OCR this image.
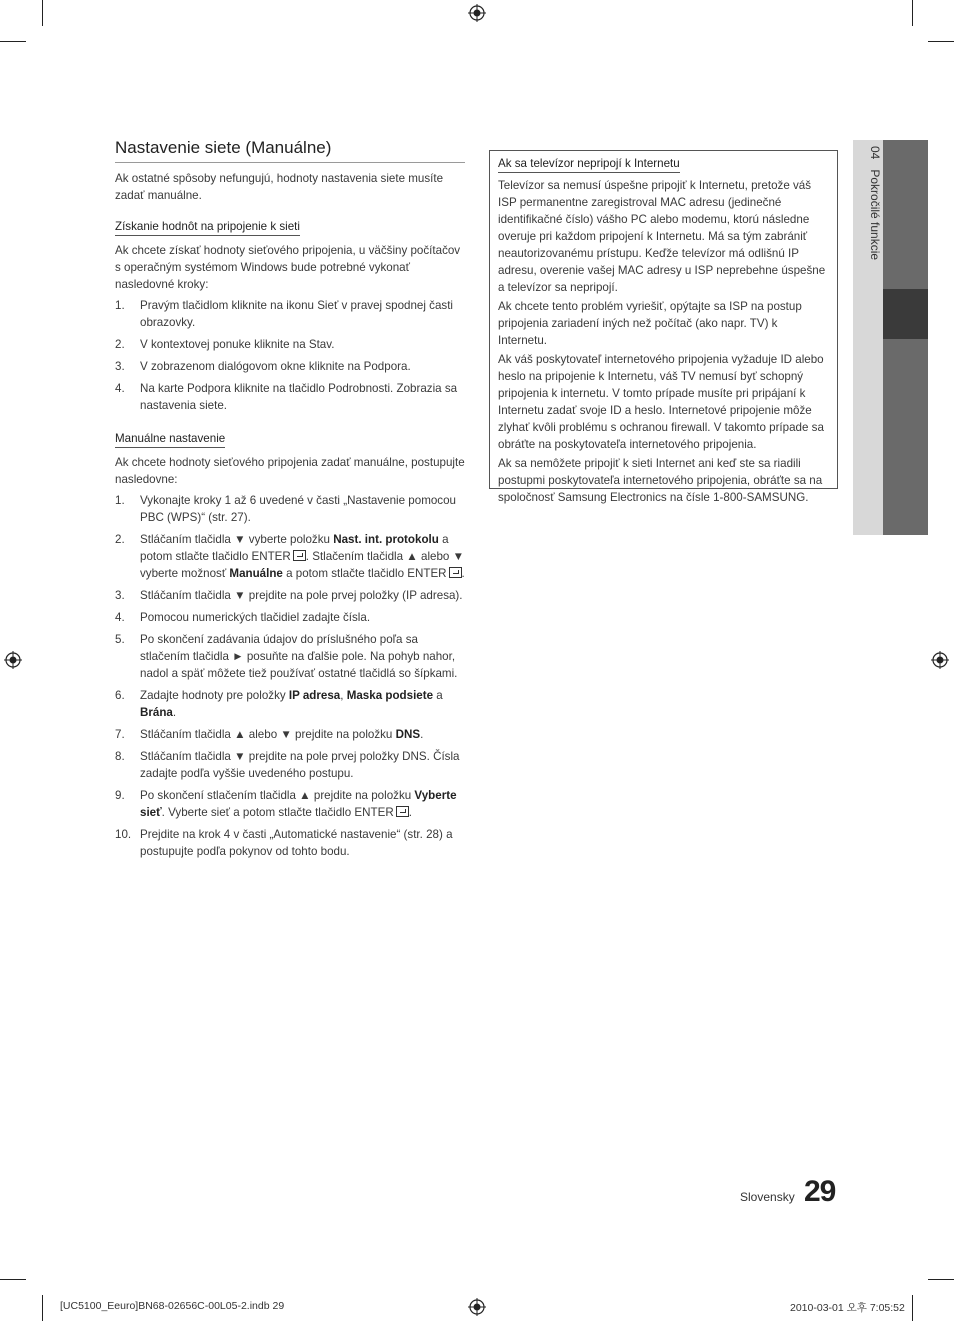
Nastavenie siete (Manuálne)

Ak ostatné spôsoby nefungujú, hodnoty nastavenia siete musíte zadať manuálne.

Získanie hodnôt na pripojenie k sieti

Ak chcete získať hodnoty sieťového pripojenia, u väčšiny počítačov s operačným systémom Windows bude potrebné vykonať nasledovné kroky:

1. Pravým tlačidlom kliknite na ikonu Sieť v pravej spodnej časti obrazovky.
2. V kontextovej ponuke kliknite na Stav.
3. V zobrazenom dialógovom okne kliknite na Podpora.
4. Na karte Podpora kliknite na tlačidlo Podrobnosti. Zobrazia sa nastavenia siete.
Manuálne nastavenie

Ak chcete hodnoty sieťového pripojenia zadať manuálne, postupujte nasledovne:

1. Vykonajte kroky 1 až 6 uvedené v časti „Nastavenie pomocou PBC (WPS)“ (str. 27).
2. Stláčaním tlačidla ▼ vyberte položku Nast. int. protokolu a potom stlačte tlačidlo ENTER . Stlačením tlačidla ▲ alebo ▼ vyberte možnosť Manuálne a potom stlačte tlačidlo ENTER .
3. Stláčaním tlačidla ▼ prejdite na pole prvej položky (IP adresa).
4. Pomocou numerických tlačidiel zadajte čísla.
5. Po skončení zadávania údajov do príslušného poľa sa stlačením tlačidla ► posuňte na ďalšie pole. Na pohyb nahor, nadol a späť môžete tiež používať ostatné tlačidlá so šípkami.
6. Zadajte hodnoty pre položky IP adresa, Maska podsiete a Brána.
7. Stláčaním tlačidla ▲ alebo ▼ prejdite na položku DNS.
8. Stláčaním tlačidla ▼ prejdite na pole prvej položky DNS. Čísla zadajte podľa vyššie uvedeného postupu.
9. Po skončení stlačením tlačidla ▲ prejdite na položku Vyberte sieť. Vyberte sieť a potom stlačte tlačidlo ENTER .
10. Prejdite na krok 4 v časti „Automatické nastavenie“ (str. 28) a postupujte podľa pokynov od tohto bodu.
Ak sa televízor nepripojí k Internetu

Televízor sa nemusí úspešne pripojiť k Internetu, pretože váš ISP permanentne zaregistroval MAC adresu (jedinečné identifikačné číslo) vášho PC alebo modemu, ktorú následne overuje pri každom pripojení k Internetu. Má sa tým zabrániť neautorizovanému prístupu. Keďže televízor má odlišnú IP adresu, overenie vašej MAC adresy u ISP neprebehne úspešne a televízor sa nepripojí.

Ak chcete tento problém vyriešiť, opýtajte sa ISP na postup pripojenia zariadení iných než počítač (ako napr. TV) k Internetu.

Ak váš poskytovateľ internetového pripojenia vyžaduje ID alebo heslo na pripojenie k Internetu, váš TV nemusí byť schopný pripojenia k internetu. V tomto prípade musíte pri pripájaní k Internetu zadať svoje ID a heslo. Internetové pripojenie môže zlyhať kvôli problému s ochranou firewall. V takomto prípade sa obráťte na poskytovateľa internetového pripojenia.

Ak sa nemôžete pripojiť k sieti Internet ani keď ste sa riadili postupmi poskytovateľa internetového pripojenia, obráťte sa na spoločnosť Samsung Electronics na čísle 1-800-SAMSUNG.

04Pokročilé funkcie
Slovensky 29
[UC5100_Eeuro]BN68-02656C-00L05-2.indb 29	2010-03-01 오후 7:05:52
